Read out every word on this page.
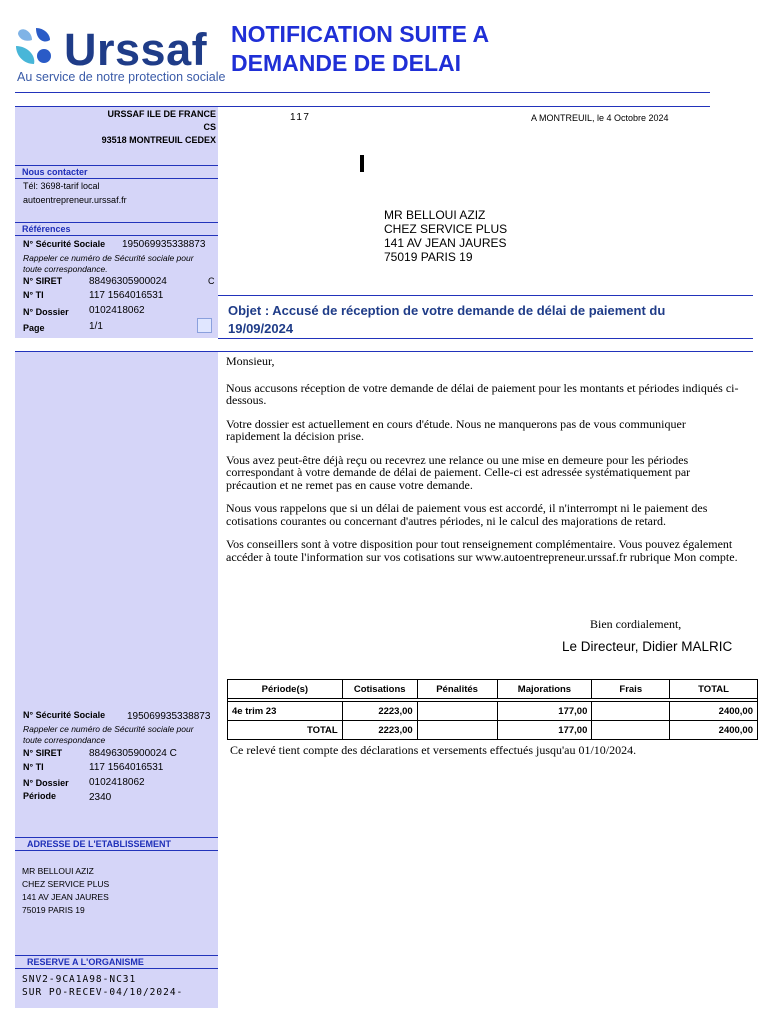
Urssaf
Au service de notre protection sociale
NOTIFICATION SUITE A
DEMANDE DE DELAI
URSSAF ILE DE FRANCE
CS
93518 MONTREUIL CEDEX
117	A MONTREUIL, le 4 Octobre 2024
Nous contacter
Tél: 3698-tarif local
autoentrepreneur.urssaf.fr
Références
N° Sécurité Sociale 195069935338873
Rappeler ce numéro de Sécurité sociale pour toute correspondance.
N° SIRET	88496305900024	C
N° TI	117 1564016531
N° Dossier 0102418062
Page	1/1
MR BELLOUI AZIZ
CHEZ SERVICE PLUS
141 AV JEAN JAURES
75019 PARIS 19
Objet : Accusé de réception de votre demande de délai de paiement du 19/09/2024

Monsieur,

Nous accusons réception de votre demande de délai de paiement pour les montants et périodes indiqués ci-dessous.

Votre dossier est actuellement en cours d'étude. Nous ne manquerons pas de vous communiquer rapidement la décision prise.

Vous avez peut-être déjà reçu ou recevrez une relance ou une mise en demeure pour les périodes correspondant à votre demande de délai de paiement. Celle-ci est adressée systématiquement par précaution et ne remet pas en cause votre demande.

Nous vous rappelons que si un délai de paiement vous est accordé, il n'interrompt ni le paiement des cotisations courantes ou concernant d'autres périodes, ni le calcul des majorations de retard.

Vos conseillers sont à votre disposition pour tout renseignement complémentaire. Vous pouvez également accéder à toute l'information sur vos cotisations sur www.autoentrepreneur.urssaf.fr rubrique Mon compte.

Bien cordialement,
Le Directeur, Didier MALRIC
Période(s)	Cotisations	Pénalités	Majorations	Frais	TOTAL

4e trim 23	2223,00		177,00		2400,00
TOTAL	2223,00		177,00		2400,00
Ce relevé tient compte des déclarations et versements effectués jusqu'au 01/10/2024.
N° Sécurité Sociale 195069935338873
Rappeler ce numéro de Sécurité sociale pour toute correspondance
N° SIRET	88496305900024 C
N° TI	117 1564016531
N° Dossier 0102418062
Période	2340
ADRESSE DE L'ETABLISSEMENT
MR BELLOUI AZIZ
CHEZ SERVICE PLUS
141 AV JEAN JAURES
75019 PARIS 19
RESERVE A L'ORGANISME
SNV2-9CA1A98-NC31
SUR PO-RECEV-04/10/2024-
